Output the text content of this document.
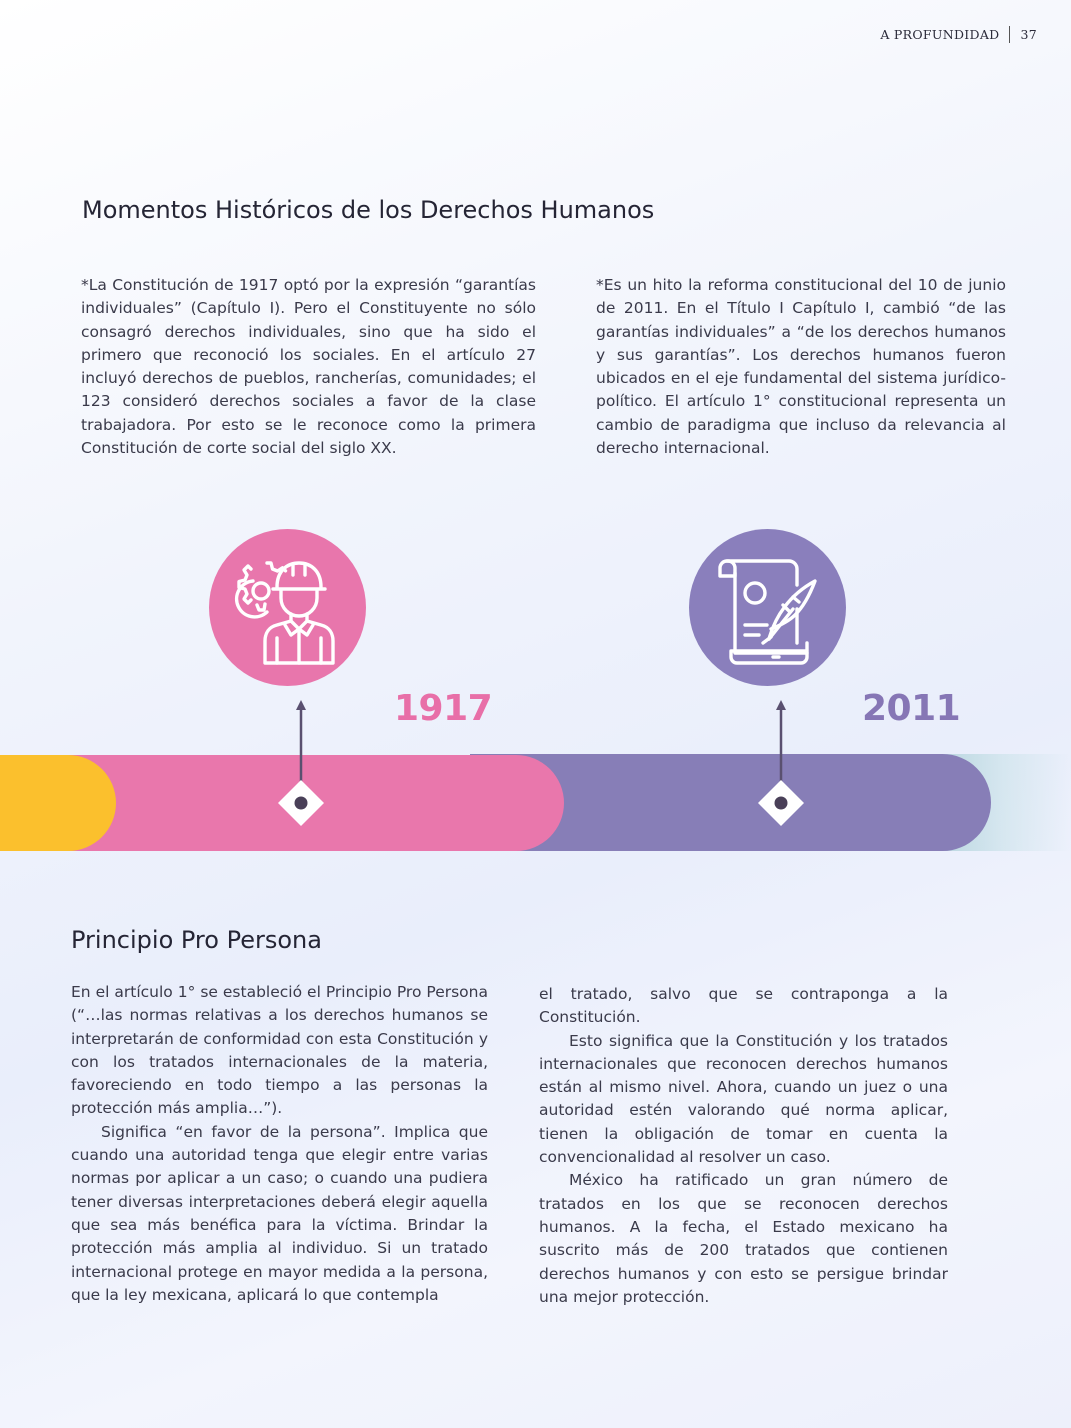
A PROFUNDIDAD 37
Momentos Históricos de los Derechos Humanos

*La Constitución de 1917 optó por la expresión “garantías individuales” (Capítulo I). Pero el Constituyente no sólo consagró derechos individuales, sino que ha sido el primero que reconoció los sociales. En el artículo 27 incluyó derechos de pueblos, rancherías, comunidades; el 123 consideró derechos sociales a favor de la clase trabajadora. Por esto se le reconoce como la primera Constitución de corte social del siglo XX.

*Es un hito la reforma constitucional del 10 de junio de 2011. En el Título I Capítulo I, cambió “de las garantías individuales” a “de los derechos humanos y sus garantías”. Los derechos humanos fueron ubicados en el eje fundamental del sistema jurídico-político. El artículo 1° constitucional representa un cambio de paradigma que incluso da relevancia al derecho internacional.

1917	2011
Principio Pro Persona

En el artículo 1° se estableció el Principio Pro Persona (“…las normas relativas a los derechos humanos se interpretarán de conformidad con esta Constitución y con los tratados internacionales de la materia, favoreciendo en todo tiempo a las personas la protección más amplia…”).

Significa “en favor de la persona”. Implica que cuando una autoridad tenga que elegir entre varias normas por aplicar a un caso; o cuando una pudiera tener diversas interpretaciones deberá elegir aquella que sea más benéfica para la víctima. Brindar la protección más amplia al individuo. Si un tratado internacional protege en mayor medida a la persona, que la ley mexicana, aplicará lo que contempla

el tratado, salvo que se contraponga a la Constitución.

Esto significa que la Constitución y los tratados internacionales que reconocen derechos humanos están al mismo nivel. Ahora, cuando un juez o una autoridad estén valorando qué norma aplicar, tienen la obligación de tomar en cuenta la convencionalidad al resolver un caso.

México ha ratificado un gran número de tratados en los que se reconocen derechos humanos. A la fecha, el Estado mexicano ha suscrito más de 200 tratados que contienen derechos humanos y con esto se persigue brindar una mejor protección.
